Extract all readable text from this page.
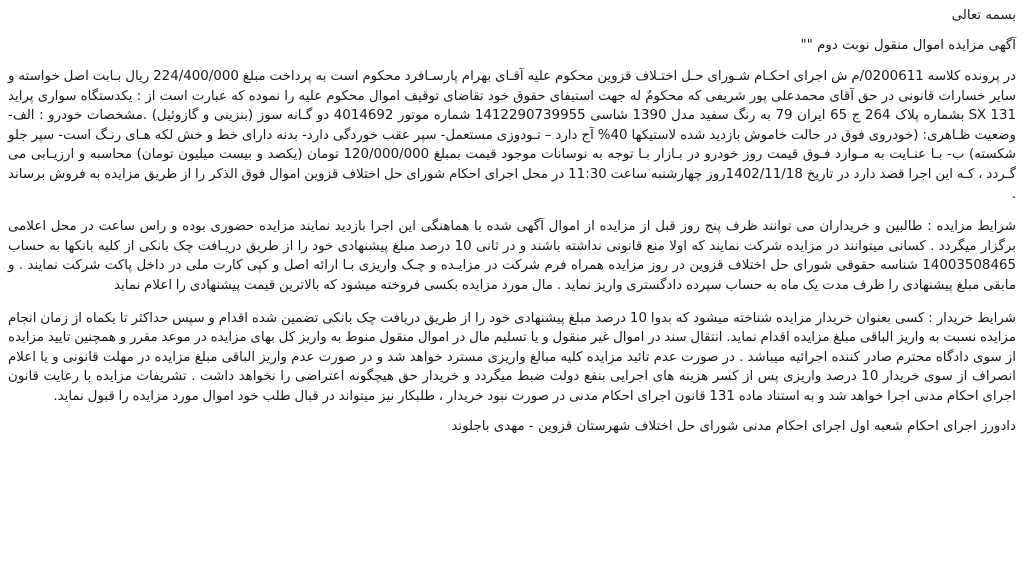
بسمه تعالی
آگهی مزایده اموال منقول نوبت دوم ""

در پرونده کلاسه 0200611/م ش اجرای احکـام شـورای حـل اختـلاف قزوین محکوم علیه آقـای بهرام پارسـافرد محکوم است به پرداخت مبلغ 224/400/000 ریال بـابت اصل خواسته و سایر خسارات قانونی در حق آقای محمدعلی پور شریفی که محکومٌ له جهت استیفای حقوق خود تقاضای توقیف اموال محکوم علیه را نموده که عبارت است از : یکدستگاه سواری پراید 131 SX بشماره پلاک 264 ج 65 ایران 79 به رنگ سفید مدل 1390 شاسی 1412290739955 شماره موتور 4014692 دو گـانه سوز (بنزینی و گازوئیل) .مشخصات خودرو : الف- وضعیت ظـاهری: (خودروی فوق در حالت خاموش بازدید شده لاستیکها 40% آج دارد – تـودوزی مستعمل- سپر عقب خوردگی دارد- بدنه دارای خط و خش لکه هـای رنـگ است- سپر جلو شکسته) ب- بـا عنـایت به مـوارد فـوق قیمت روز خودرو در بـازار بـا توجه به نوسانات موجود قیمت بمبلغ 120/000/000 تومان (یکصد و بیست میلیون تومان) محاسبه و ارزیـابی می گـردد ، کـه این اجرا قصد دارد در تاریخ 1402/11/18روز چهارشنبه ساعت 11:30 در محل اجرای احکام شورای حل اختلاف قزوین اموال فوق الذکر را از طریق مزایده به فروش برساند .

شرایط مزایده : طالبین و خریداران می توانند ظرف پنج روز قبل از مزایده از اموال آگهی شده با هماهنگی این اجرا بازدید نمایند مزایده حضوری بوده و راس ساعت در محل اعلامی برگزار میگردد . کسانی میتوانند در مزایده شرکت نمایند که اولا منع قانونی نداشته باشند و در ثانی 10 درصد مبلغ پیشنهادی خود را از طریق دریـافت چک بانکی از کلیه بانکها به حساب 14003508465 شناسه حقوقی شورای حل اختلاف قزوین در روز مزایده همراه فرم شرکت در مزایـده و چـک واریزی بـا ارائه اصل و کپی کارت ملی در داخل پاکت شرکت نمایند . و مابقی مبلغ پیشنهادی را ظرف مدت یک ماه به حساب سپرده دادگستری واریز نماید . مال مورد مزایده بکسی فروخته میشود که بالاترین قیمت پیشنهادی را اعلام نماید

شرایط خریدار : کسی بعنوان خریدار مزایده شناخته میشود که بدوا 10 درصد مبلغ پیشنهادی خود را از طریق دریافت چک بانکی تضمین شده اقدام و سپس حداکثر تا یکماه از زمان انجام مزایده نسبت به واریز الباقی مبلغ مزایده اقدام نماید. انتقال سند در اموال غیر منقول و یا تسلیم مال در اموال منقول منوط به واریز کل بهای مزایده در موعد مقرر و همچنین تایید مزایده از سوی دادگاه محترم صادر کننده اجرائیه میباشد . در صورت عدم تائید مزایده کلیه مبالغ واریزی مسترد خواهد شد و در صورت عدم واریز الباقی مبلغ مزایده در مهلت قانونی و یا اعلام انصراف از سوی خریدار 10 درصد واریزی پس از کسر هزینه های اجرایی بنفع دولت ضبط میگردد و خریدار حق هیچگونه اعتراضی را نخواهد داشت . تشریفات مزایده با رعایت قانون اجرای احکام مدنی اجرا خواهد شد و به استناد ماده 131 قانون اجرای احکام مدنی در صورت نبود خریدار ، طلبکار نیز میتواند در قبال طلب خود اموال مورد مزایده را قبول نماید.

دادورز اجرای احکام شعبه اول اجرای احکام مدنی شورای حل اختلاف شهرستان قزوین - مهدی باجلوند
